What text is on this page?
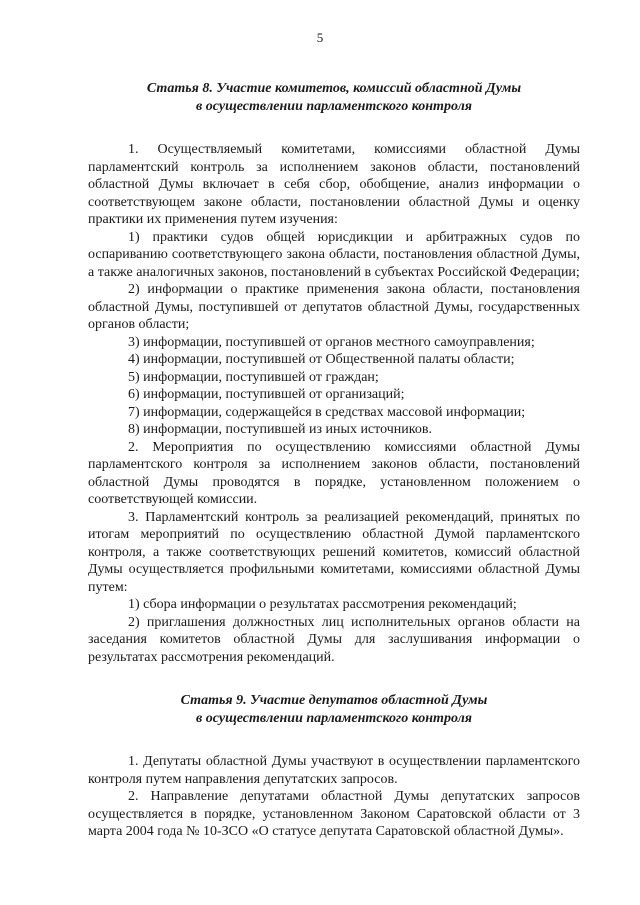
5
Статья 8. Участие комитетов, комиссий областной Думы
в осуществлении парламентского контроля

1. Осуществляемый комитетами, комиссиями областной Думы парламентский контроль за исполнением законов области, постановлений областной Думы включает в себя сбор, обобщение, анализ информации о соответствующем законе области, постановлении областной Думы и оценку практики их применения путем изучения:

1) практики судов общей юрисдикции и арбитражных судов по оспариванию соответствующего закона области, постановления областной Думы, а также аналогичных законов, постановлений в субъектах Российской Федерации;

2) информации о практике применения закона области, постановления областной Думы, поступившей от депутатов областной Думы, государственных органов области;

3) информации, поступившей от органов местного самоуправления;

4) информации, поступившей от Общественной палаты области;

5) информации, поступившей от граждан;

6) информации, поступившей от организаций;

7) информации, содержащейся в средствах массовой информации;

8) информации, поступившей из иных источников.

2. Мероприятия по осуществлению комиссиями областной Думы парламентского контроля за исполнением законов области, постановлений областной Думы проводятся в порядке, установленном положением о соответствующей комиссии.

3. Парламентский контроль за реализацией рекомендаций, принятых по итогам мероприятий по осуществлению областной Думой парламентского контроля, а также соответствующих решений комитетов, комиссий областной Думы осуществляется профильными комитетами, комиссиями областной Думы путем:

1) сбора информации о результатах рассмотрения рекомендаций;

2) приглашения должностных лиц исполнительных органов области на заседания комитетов областной Думы для заслушивания информации о результатах рассмотрения рекомендаций.

Статья 9. Участие депутатов областной Думы
в осуществлении парламентского контроля

1. Депутаты областной Думы участвуют в осуществлении парламентского контроля путем направления депутатских запросов.

2. Направление депутатами областной Думы депутатских запросов осуществляется в порядке, установленном Законом Саратовской области от 3 марта 2004 года № 10-ЗСО «О статусе депутата Саратовской областной Думы».
